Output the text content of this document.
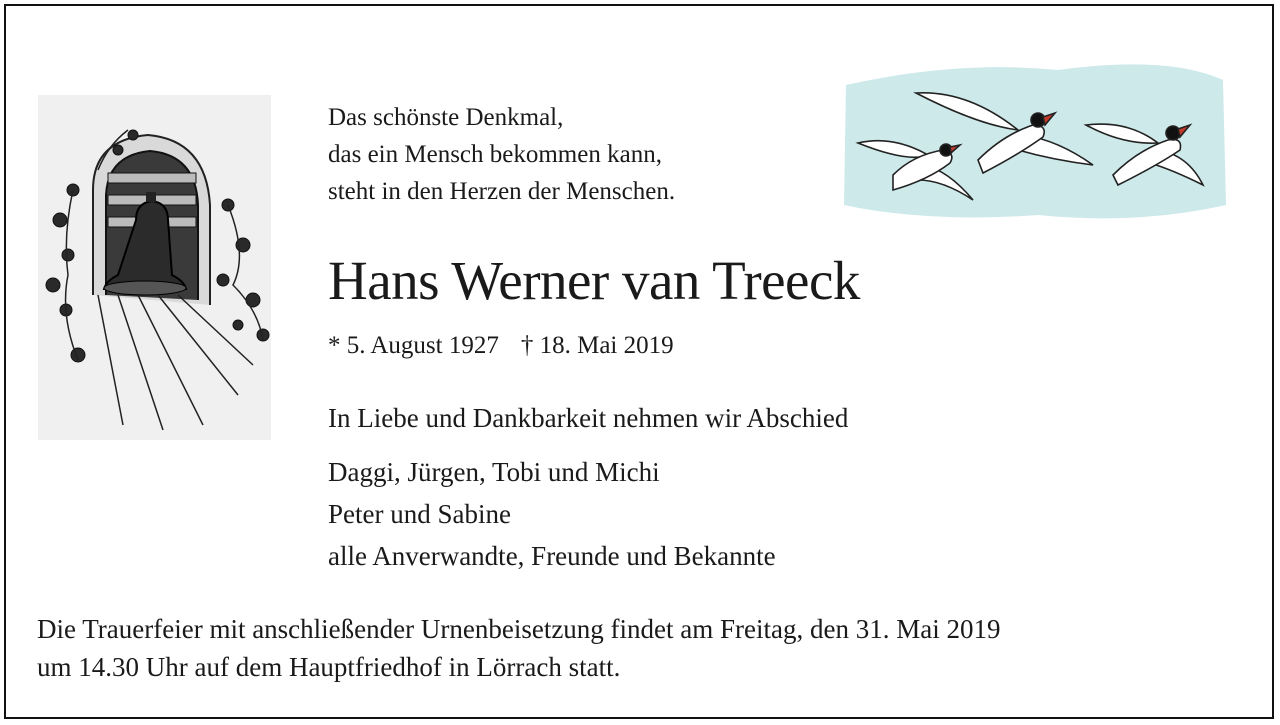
Das schönste Denkmal,
das ein Mensch bekommen kann,
steht in den Herzen der Menschen.
Hans Werner van Treeck
* 5. August 1927 † 18. Mai 2019
In Liebe und Dankbarkeit nehmen wir Abschied
Daggi, Jürgen, Tobi und Michi
Peter und Sabine
alle Anverwandte, Freunde und Bekannte
Die Trauerfeier mit anschließender Urnenbeisetzung findet am Freitag, den 31. Mai 2019
um 14.30 Uhr auf dem Hauptfriedhof in Lörrach statt.
